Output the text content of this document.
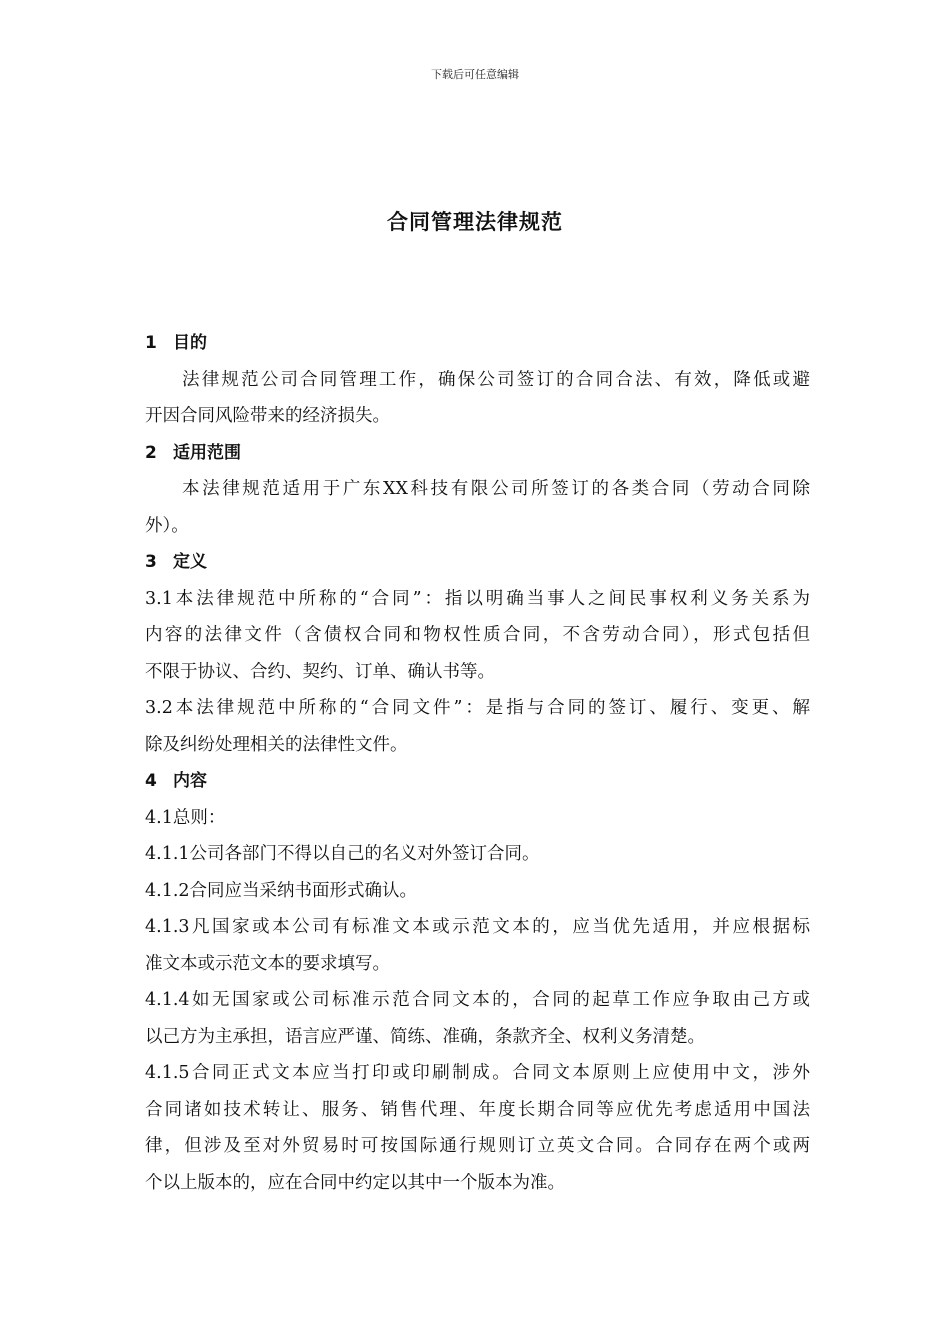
下载后可任意编辑
合同管理法律规范
1 目的
法律规范公司合同管理工作，确保公司签订的合同合法、有效，降低或避
开因合同风险带来的经济损失。
2 适用范围
本法律规范适用于广东XX科技有限公司所签订的各类合同（劳动合同除
外）。
3 定义
3.1本法律规范中所称的“合同”：指以明确当事人之间民事权利义务关系为
内容的法律文件（含债权合同和物权性质合同，不含劳动合同），形式包括但
不限于协议、合约、契约、订单、确认书等。
3.2本法律规范中所称的“合同文件”：是指与合同的签订、履行、变更、解
除及纠纷处理相关的法律性文件。
4 内容
4.1总则：
4.1.1公司各部门不得以自己的名义对外签订合同。
4.1.2合同应当采纳书面形式确认。
4.1.3凡国家或本公司有标准文本或示范文本的，应当优先适用，并应根据标
准文本或示范文本的要求填写。
4.1.4如无国家或公司标准示范合同文本的，合同的起草工作应争取由己方或
以己方为主承担，语言应严谨、简练、准确，条款齐全、权利义务清楚。
4.1.5合同正式文本应当打印或印刷制成。合同文本原则上应使用中文，涉外
合同诸如技术转让、服务、销售代理、年度长期合同等应优先考虑适用中国法
律，但涉及至对外贸易时可按国际通行规则订立英文合同。合同存在两个或两
个以上版本的，应在合同中约定以其中一个版本为准。
